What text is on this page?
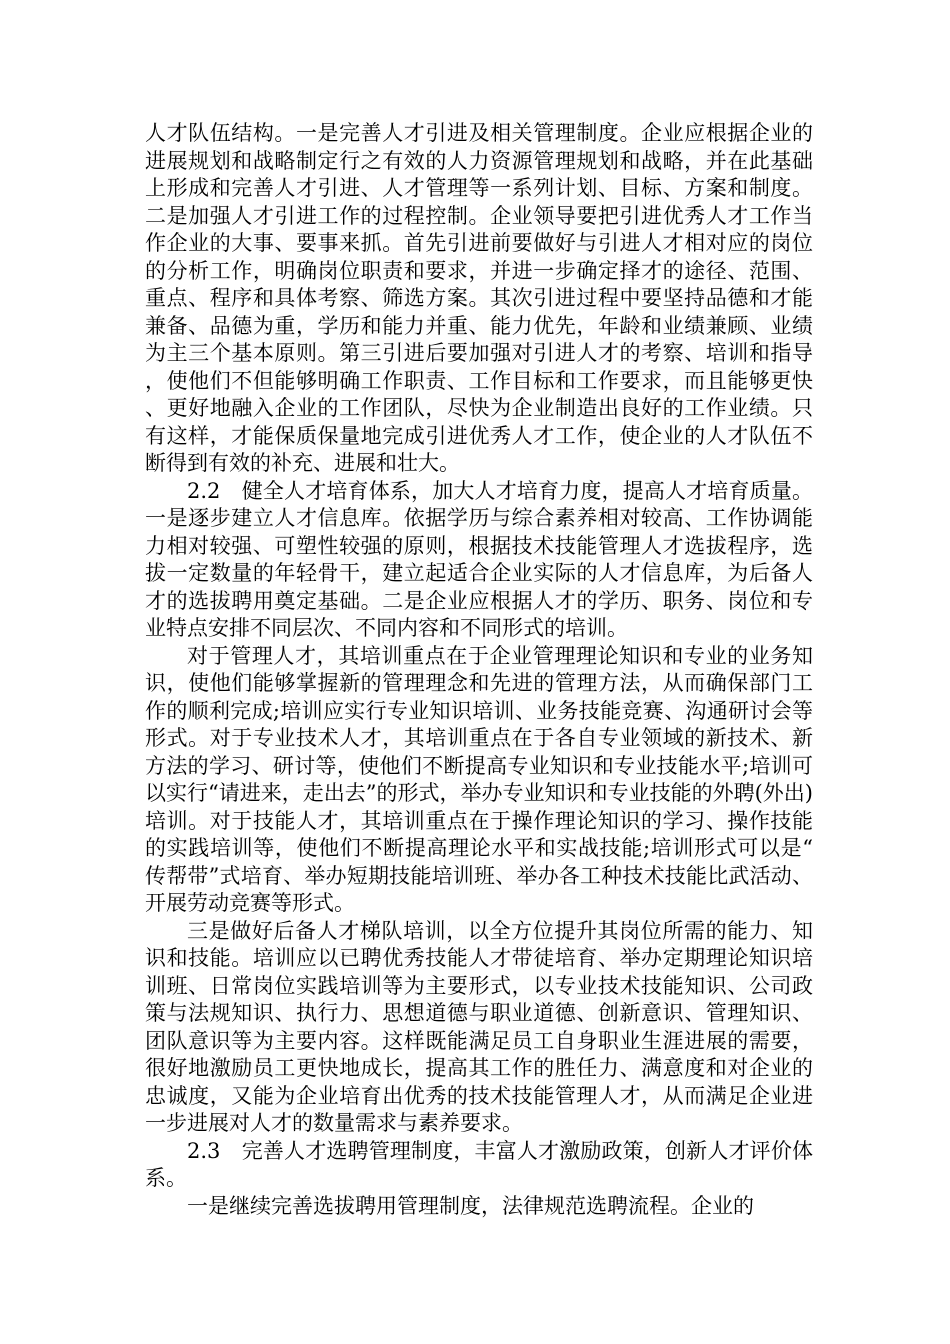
人才队伍结构。一是完善人才引进及相关管理制度。企业应根据企业的进展规划和战略制定行之有效的人力资源管理规划和战略，并在此基础上形成和完善人才引进、人才管理等一系列计划、目标、方案和制度。二是加强人才引进工作的过程控制。企业领导要把引进优秀人才工作当作企业的大事、要事来抓。首先引进前要做好与引进人才相对应的岗位的分析工作，明确岗位职责和要求，并进一步确定择才的途径、范围、重点、程序和具体考察、筛选方案。其次引进过程中要坚持品德和才能兼备、品德为重，学历和能力并重、能力优先，年龄和业绩兼顾、业绩为主三个基本原则。第三引进后要加强对引进人才的考察、培训和指导，使他们不但能够明确工作职责、工作目标和工作要求，而且能够更快、更好地融入企业的工作团队，尽快为企业制造出良好的工作业绩。只有这样，才能保质保量地完成引进优秀人才工作，使企业的人才队伍不断得到有效的补充、进展和壮大。

2.2　健全人才培育体系，加大人才培育力度，提高人才培育质量。一是逐步建立人才信息库。依据学历与综合素养相对较高、工作协调能力相对较强、可塑性较强的原则，根据技术技能管理人才选拔程序，选拔一定数量的年轻骨干，建立起适合企业实际的人才信息库，为后备人才的选拔聘用奠定基础。二是企业应根据人才的学历、职务、岗位和专业特点安排不同层次、不同内容和不同形式的培训。

对于管理人才，其培训重点在于企业管理理论知识和专业的业务知识，使他们能够掌握新的管理理念和先进的管理方法，从而确保部门工作的顺利完成;培训应实行专业知识培训、业务技能竞赛、沟通研讨会等形式。对于专业技术人才，其培训重点在于各自专业领域的新技术、新方法的学习、研讨等，使他们不断提高专业知识和专业技能水平;培训可以实行“请进来，走出去”的形式，举办专业知识和专业技能的外聘(外出)培训。对于技能人才，其培训重点在于操作理论知识的学习、操作技能的实践培训等，使他们不断提高理论水平和实战技能;培训形式可以是“传帮带”式培育、举办短期技能培训班、举办各工种技术技能比武活动、开展劳动竞赛等形式。

三是做好后备人才梯队培训，以全方位提升其岗位所需的能力、知识和技能。培训应以已聘优秀技能人才带徒培育、举办定期理论知识培训班、日常岗位实践培训等为主要形式，以专业技术技能知识、公司政策与法规知识、执行力、思想道德与职业道德、创新意识、管理知识、团队意识等为主要内容。这样既能满足员工自身职业生涯进展的需要，很好地激励员工更快地成长，提高其工作的胜任力、满意度和对企业的忠诚度，又能为企业培育出优秀的技术技能管理人才，从而满足企业进一步进展对人才的数量需求与素养要求。

2.3　完善人才选聘管理制度，丰富人才激励政策，创新人才评价体系。

一是继续完善选拔聘用管理制度，法律规范选聘流程。企业的
